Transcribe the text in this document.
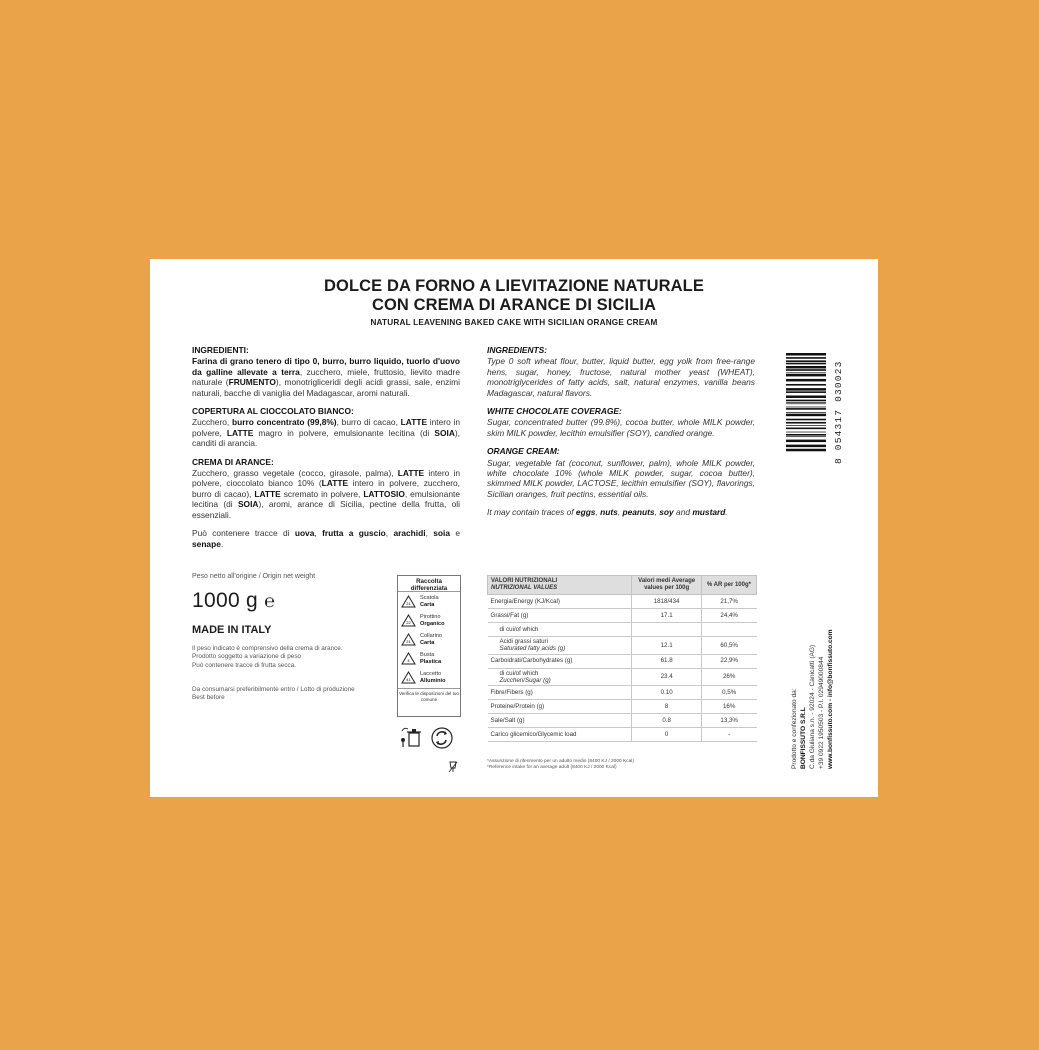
DOLCE DA FORNO A LIEVITAZIONE NATURALE
CON CREMA DI ARANCE DI SICILIA
NATURAL LEAVENING BAKED CAKE WITH SICILIAN ORANGE CREAM
INGREDIENTI:
Farina di grano tenero di tipo 0, burro, burro liquido, tuorlo d'uovo da galline allevate a terra, zucchero, miele, fruttosio, lievito madre naturale (FRUMENTO), monotrigliceridi degli acidi grassi, sale, enzimi naturali, bacche di vaniglia del Madagascar, aromi naturali.
COPERTURA AL CIOCCOLATO BIANCO:
Zucchero, burro concentrato (99,8%), burro di cacao, LATTE intero in polvere, LATTE magro in polvere, emulsionante lecitina (di SOIA), canditi di arancia.
CREMA DI ARANCE:
Zucchero, grasso vegetale (cocco, girasole, palma), LATTE intero in polvere, cioccolato bianco 10% (LATTE intero in polvere, zucchero, burro di cacao), LATTE scremato in polvere, LATTOSIO, emulsionante lecitina (di SOIA), aromi, arance di Sicilia, pectine della frutta, oli essenziali.
Può contenere tracce di uova, frutta a guscio, arachidi, soia e senape.
INGREDIENTS:
Type 0 soft wheat flour, butter, liquid butter, egg yolk from free-range hens, sugar, honey, fructose, natural mother yeast (WHEAT), monotriglycerides of fatty acids, salt, natural enzymes, vanilla beans Madagascar, natural flavors.
WHITE CHOCOLATE COVERAGE:
Sugar, concentrated butter (99.8%), cocoa butter, whole MILK powder, skim MILK powder, lecithin emulsifier (SOY), candied orange.
ORANGE CREAM:
Sugar, vegetable fat (coconut, sunflower, palm), whole MILK powder, white chocolate 10% (whole MILK powder, sugar, cocoa butter), skimmed MILK powder, LACTOSE, lecithin emulsifier (SOY), flavorings, Sicilian oranges, fruit pectins, essential oils.
It may contain traces of eggs, nuts, peanuts, soy and mustard.
8 054317 030023
Peso netto all'origine / Origin net weight
1000 g ℮
MADE IN ITALY
Il peso indicato è comprensivo della crema di arance.
Prodotto soggetto a variazione di peso
Può contenere tracce di frutta secca.
Da consumarsi preferibilmente entro / Lotto di produzione
Best before
Raccolta differenziata
21
Scatola
Carta
22
Pirottino
Organico
21
Collarino
Carta
4
Busta
Plastica
41
Laccetto
Alluminio
Verifica le disposizioni del tuo comune
VALORI NUTRIZIONALI
NUTRIZIONAL VALUES	Valori medi Average values per 100g	% AR per 100g*

Energia/Energy (KJ/Kcal)	1818/434	21,7%

Grassi/Fat (g)	17.1	24,4%

di cui/of which		

Acidi grassi saturi
Saturated fatty acids (g)	12.1	60,5%

Carboidrati/Carbohydrates (g)	61.8	22,9%

di cui/of which
Zuccheri/Sugar (g)	23.4	26%

Fibre/Fibers (g)	0.10	0,5%

Proteine/Protein (g)	8	16%

Sale/Salt (g)	0.8	13,3%

Carico glicemico/Glycemic load	0	-
*Assunzione di riferimento per un adulto medio (8400 KJ / 2000 Kcal)
*Reference intake for an average adult (8400 KJ / 2000 Kcal)	Prodotto e confezionato da: BONFISSUTO S.R.L C.da Giuliana s.n. - 92024 - Canicattì (AG) +39 0922 1950503 - P.I. 02949000844 www.bonfissuto.com - info@bonfissuto.com
